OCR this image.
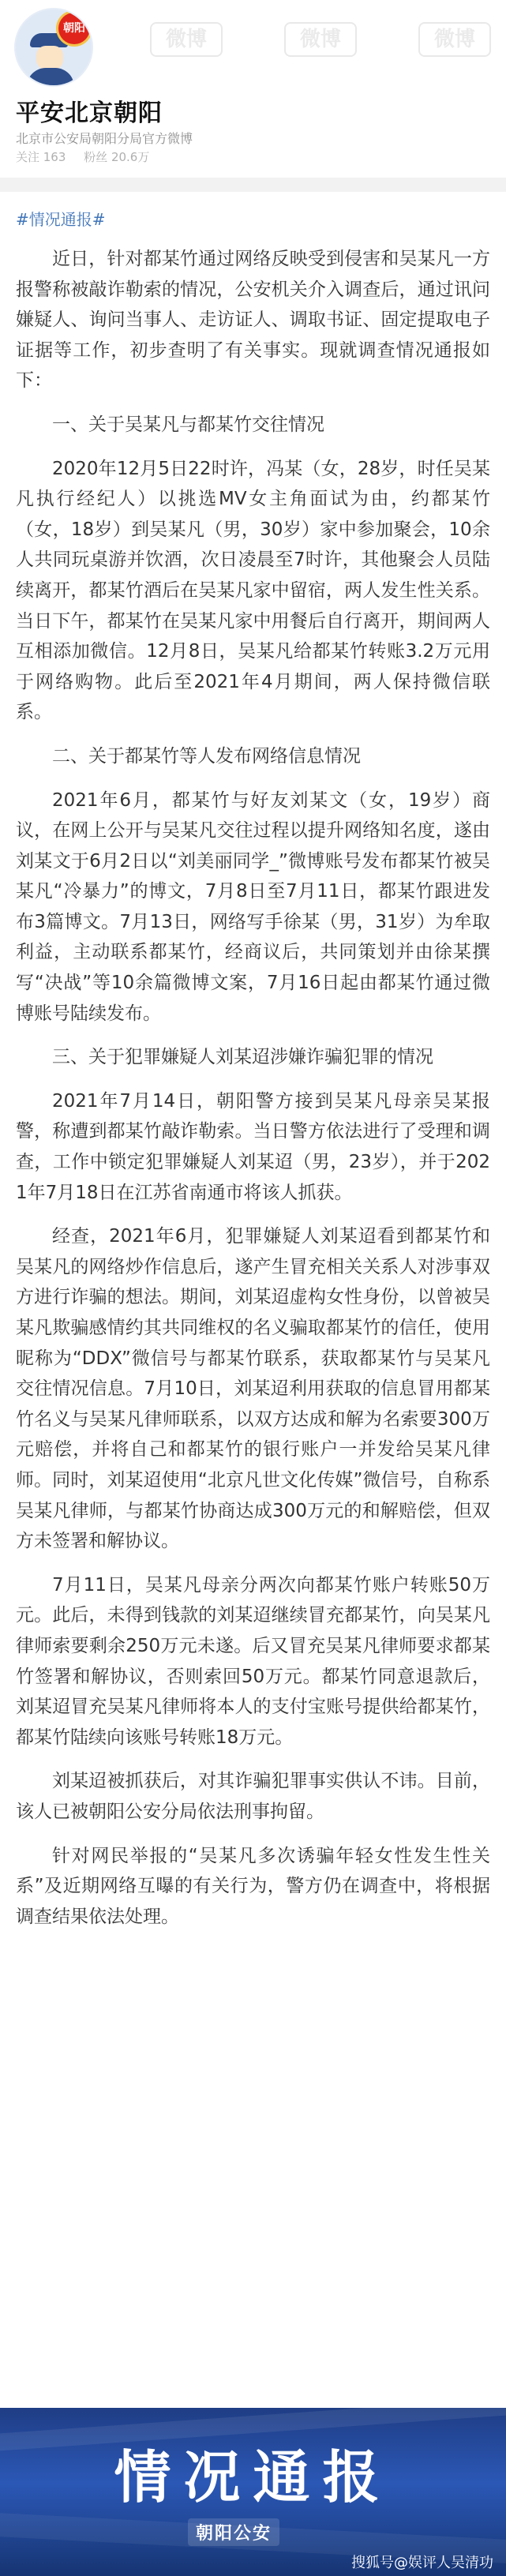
朝阳	微博	微博	微博
平安北京朝阳
北京市公安局朝阳分局官方微博
关注 163 粉丝 20.6万
#情况通报#

近日，针对都某竹通过网络反映受到侵害和吴某凡一方报警称被敲诈勒索的情况，公安机关介入调查后，通过讯问嫌疑人、询问当事人、走访证人、调取书证、固定提取电子证据等工作，初步查明了有关事实。现就调查情况通报如下：

一、关于吴某凡与都某竹交往情况

2020年12月5日22时许，冯某（女，28岁，时任吴某凡执行经纪人）以挑选MV女主角面试为由，约都某竹（女，18岁）到吴某凡（男，30岁）家中参加聚会，10余人共同玩桌游并饮酒，次日凌晨至7时许，其他聚会人员陆续离开，都某竹酒后在吴某凡家中留宿，两人发生性关系。当日下午，都某竹在吴某凡家中用餐后自行离开，期间两人互相添加微信。12月8日，吴某凡给都某竹转账3.2万元用于网络购物。此后至2021年4月期间，两人保持微信联系。

二、关于都某竹等人发布网络信息情况

2021年6月，都某竹与好友刘某文（女，19岁）商议，在网上公开与吴某凡交往过程以提升网络知名度，遂由刘某文于6月2日以“刘美丽同学_”微博账号发布都某竹被吴某凡“冷暴力”的博文，7月8日至7月11日，都某竹跟进发布3篇博文。7月13日，网络写手徐某（男，31岁）为牟取利益，主动联系都某竹，经商议后，共同策划并由徐某撰写“决战”等10余篇微博文案，7月16日起由都某竹通过微博账号陆续发布。

三、关于犯罪嫌疑人刘某迢涉嫌诈骗犯罪的情况

2021年7月14日，朝阳警方接到吴某凡母亲吴某报警，称遭到都某竹敲诈勒索。当日警方依法进行了受理和调查，工作中锁定犯罪嫌疑人刘某迢（男，23岁），并于2021年7月18日在江苏省南通市将该人抓获。

经查，2021年6月，犯罪嫌疑人刘某迢看到都某竹和吴某凡的网络炒作信息后，遂产生冒充相关关系人对涉事双方进行诈骗的想法。期间，刘某迢虚构女性身份，以曾被吴某凡欺骗感情约其共同维权的名义骗取都某竹的信任，使用昵称为“DDX”微信号与都某竹联系，获取都某竹与吴某凡交往情况信息。7月10日，刘某迢利用获取的信息冒用都某竹名义与吴某凡律师联系，以双方达成和解为名索要300万元赔偿，并将自己和都某竹的银行账户一并发给吴某凡律师。同时，刘某迢使用“北京凡世文化传媒”微信号，自称系吴某凡律师，与都某竹协商达成300万元的和解赔偿，但双方未签署和解协议。

7月11日，吴某凡母亲分两次向都某竹账户转账50万元。此后，未得到钱款的刘某迢继续冒充都某竹，向吴某凡律师索要剩余250万元未遂。后又冒充吴某凡律师要求都某竹签署和解协议，否则索回50万元。都某竹同意退款后，刘某迢冒充吴某凡律师将本人的支付宝账号提供给都某竹，都某竹陆续向该账号转账18万元。

刘某迢被抓获后，对其诈骗犯罪事实供认不讳。目前，该人已被朝阳公安分局依法刑事拘留。

针对网民举报的“吴某凡多次诱骗年轻女性发生性关系”及近期网络互曝的有关行为，警方仍在调查中，将根据调查结果依法处理。

情况通报
朝阳公安
搜狐号@娱评人吴清功
